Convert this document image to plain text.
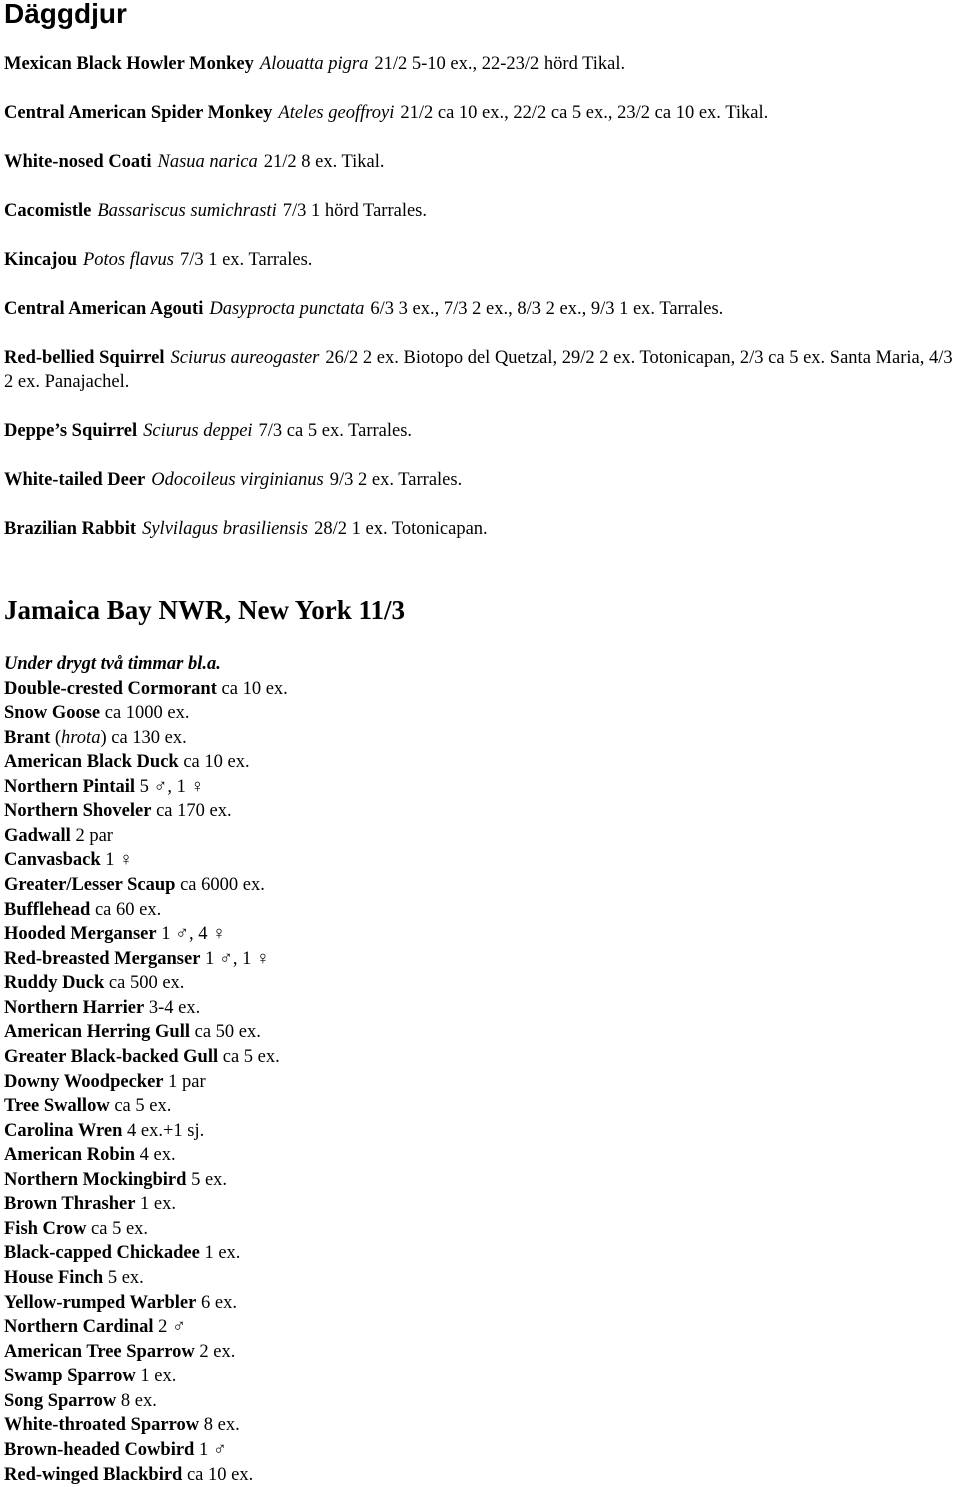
Däggdjur

Mexican Black Howler Monkey Alouatta pigra 21/2 5-10 ex., 22-23/2 hörd Tikal.

Central American Spider Monkey Ateles geoffroyi 21/2 ca 10 ex., 22/2 ca 5 ex., 23/2 ca 10 ex. Tikal.

White-nosed Coati Nasua narica 21/2 8 ex. Tikal.

Cacomistle Bassariscus sumichrasti 7/3 1 hörd Tarrales.

Kincajou Potos flavus 7/3 1 ex. Tarrales.

Central American Agouti Dasyprocta punctata 6/3 3 ex., 7/3 2 ex., 8/3 2 ex., 9/3 1 ex. Tarrales.

Red-bellied Squirrel Sciurus aureogaster 26/2 2 ex. Biotopo del Quetzal, 29/2 2 ex. Totonicapan, 2/3 ca 5 ex. Santa Maria, 4/3 2 ex. Panajachel.

Deppe’s Squirrel Sciurus deppei 7/3 ca 5 ex. Tarrales.

White-tailed Deer Odocoileus virginianus 9/3 2 ex. Tarrales.

Brazilian Rabbit Sylvilagus brasiliensis 28/2 1 ex. Totonicapan.

Jamaica Bay NWR, New York 11/3

Under drygt två timmar bl.a.

Double-crested Cormorant ca 10 ex.

Snow Goose ca 1000 ex.

Brant (hrota) ca 130 ex.

American Black Duck ca 10 ex.

Northern Pintail 5 ♂, 1 ♀

Northern Shoveler ca 170 ex.

Gadwall 2 par

Canvasback 1 ♀

Greater/Lesser Scaup ca 6000 ex.

Bufflehead ca 60 ex.

Hooded Merganser 1 ♂, 4 ♀

Red-breasted Merganser 1 ♂, 1 ♀

Ruddy Duck ca 500 ex.

Northern Harrier 3-4 ex.

American Herring Gull ca 50 ex.

Greater Black-backed Gull ca 5 ex.

Downy Woodpecker 1 par

Tree Swallow ca 5 ex.

Carolina Wren 4 ex.+1 sj.

American Robin 4 ex.

Northern Mockingbird 5 ex.

Brown Thrasher 1 ex.

Fish Crow ca 5 ex.

Black-capped Chickadee 1 ex.

House Finch 5 ex.

Yellow-rumped Warbler 6 ex.

Northern Cardinal 2 ♂

American Tree Sparrow 2 ex.

Swamp Sparrow 1 ex.

Song Sparrow 8 ex.

White-throated Sparrow 8 ex.

Brown-headed Cowbird 1 ♂

Red-winged Blackbird ca 10 ex.
